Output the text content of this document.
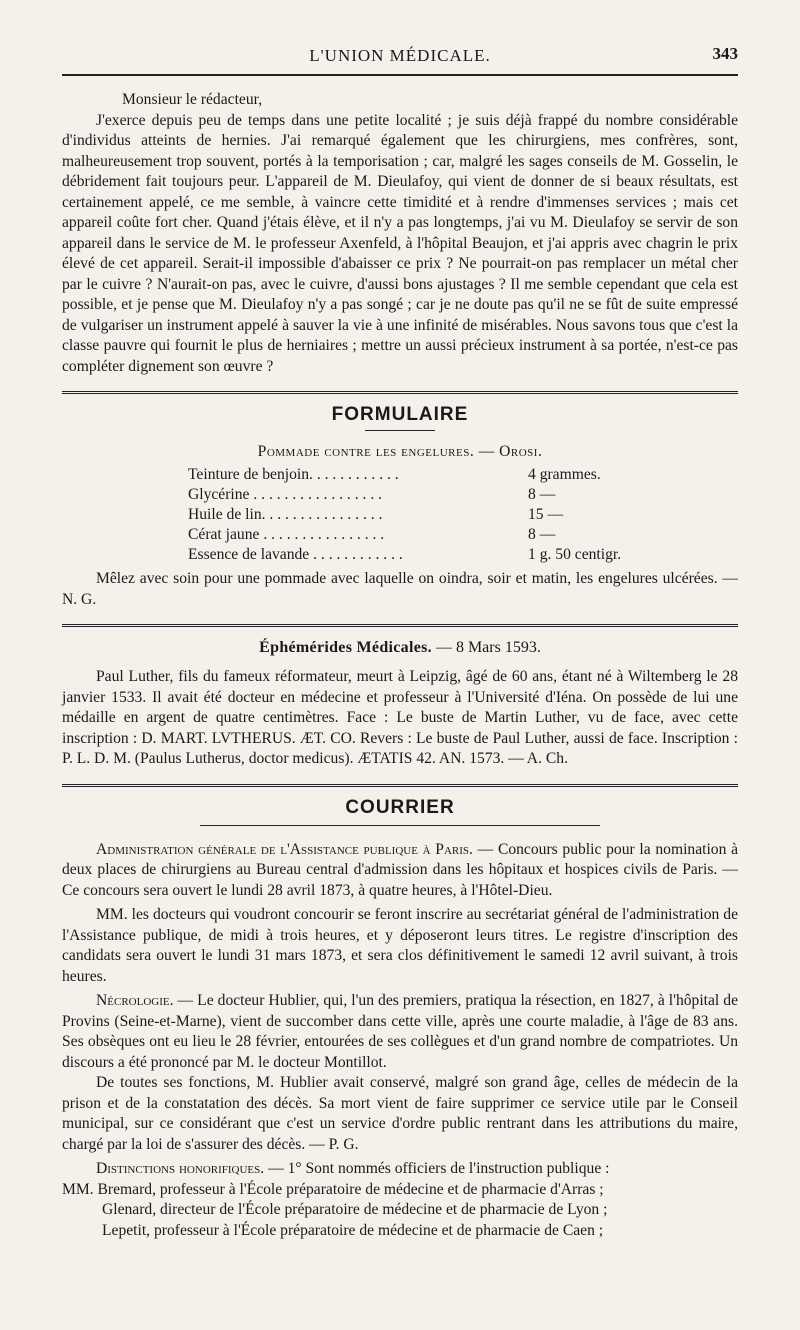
L'UNION MÉDICALE.	343

Monsieur le rédacteur,

J'exerce depuis peu de temps dans une petite localité ; je suis déjà frappé du nombre considérable d'individus atteints de hernies. J'ai remarqué également que les chirurgiens, mes confrères, sont, malheureusement trop souvent, portés à la temporisation ; car, malgré les sages conseils de M. Gosselin, le débridement fait toujours peur. L'appareil de M. Dieulafoy, qui vient de donner de si beaux résultats, est certainement appelé, ce me semble, à vaincre cette timidité et à rendre d'immenses services ; mais cet appareil coûte fort cher. Quand j'étais élève, et il n'y a pas longtemps, j'ai vu M. Dieulafoy se servir de son appareil dans le service de M. le professeur Axenfeld, à l'hôpital Beaujon, et j'ai appris avec chagrin le prix élevé de cet appareil. Serait-il impossible d'abaisser ce prix ? Ne pourrait-on pas remplacer un métal cher par le cuivre ? N'aurait-on pas, avec le cuivre, d'aussi bons ajustages ? Il me semble cependant que cela est possible, et je pense que M. Dieulafoy n'y a pas songé ; car je ne doute pas qu'il ne se fût de suite empressé de vulgariser un instrument appelé à sauver la vie à une infinité de misérables. Nous savons tous que c'est la classe pauvre qui fournit le plus de herniaires ; mettre un aussi précieux instrument à sa portée, n'est-ce pas compléter dignement son œuvre ?

FORMULAIRE
Pommade contre les engelures. — Orosi.
Teinture de benjoin. . . . . . . . . . . .	4 grammes.
Glycérine . . . . . . . . . . . . . . . . .	8 —
Huile de lin. . . . . . . . . . . . . . . .	15 —
Cérat jaune . . . . . . . . . . . . . . . .	8 —
Essence de lavande . . . . . . . . . . . .	1 g. 50 centigr.

Mêlez avec soin pour une pommade avec laquelle on oindra, soir et matin, les engelures ulcérées. — N. G.

Éphémérides Médicales. — 8 Mars 1593.

Paul Luther, fils du fameux réformateur, meurt à Leipzig, âgé de 60 ans, étant né à Wiltemberg le 28 janvier 1533. Il avait été docteur en médecine et professeur à l'Université d'Iéna. On possède de lui une médaille en argent de quatre centimètres. Face : Le buste de Martin Luther, vu de face, avec cette inscription : D. MART. LVTHERUS. ÆT. CO. Revers : Le buste de Paul Luther, aussi de face. Inscription : P. L. D. M. (Paulus Lutherus, doctor medicus). ÆTATIS 42. AN. 1573. — A. Ch.

COURRIER

Administration générale de l'Assistance publique à Paris. — Concours public pour la nomination à deux places de chirurgiens au Bureau central d'admission dans les hôpitaux et hospices civils de Paris. — Ce concours sera ouvert le lundi 28 avril 1873, à quatre heures, à l'Hôtel-Dieu.

MM. les docteurs qui voudront concourir se feront inscrire au secrétariat général de l'administration de l'Assistance publique, de midi à trois heures, et y déposeront leurs titres. Le registre d'inscription des candidats sera ouvert le lundi 31 mars 1873, et sera clos définitivement le samedi 12 avril suivant, à trois heures.

Nécrologie. — Le docteur Hublier, qui, l'un des premiers, pratiqua la résection, en 1827, à l'hôpital de Provins (Seine-et-Marne), vient de succomber dans cette ville, après une courte maladie, à l'âge de 83 ans. Ses obsèques ont eu lieu le 28 février, entourées de ses collègues et d'un grand nombre de compatriotes. Un discours a été prononcé par M. le docteur Montillot.

De toutes ses fonctions, M. Hublier avait conservé, malgré son grand âge, celles de médecin de la prison et de la constatation des décès. Sa mort vient de faire supprimer ce service utile par le Conseil municipal, sur ce considérant que c'est un service d'ordre public rentrant dans les attributions du maire, chargé par la loi de s'assurer des décès. — P. G.

Distinctions honorifiques. — 1° Sont nommés officiers de l'instruction publique :

MM. Bremard, professeur à l'École préparatoire de médecine et de pharmacie d'Arras ;
Glenard, directeur de l'École préparatoire de médecine et de pharmacie de Lyon ;
Lepetit, professeur à l'École préparatoire de médecine et de pharmacie de Caen ;
